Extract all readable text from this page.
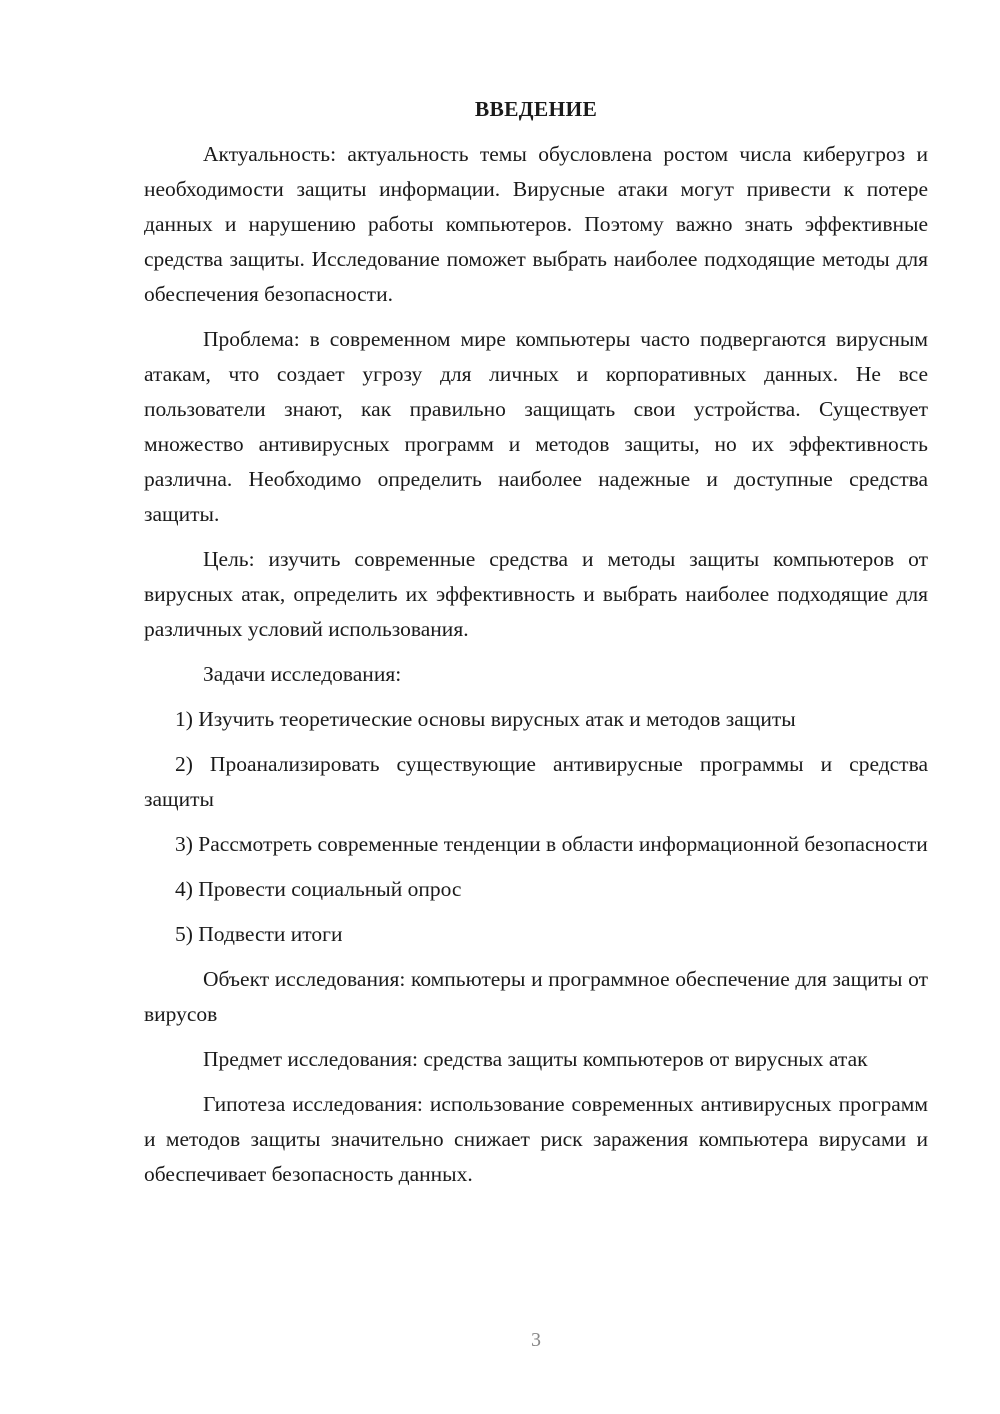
ВВЕДЕНИЕ

Актуальность: актуальность темы обусловлена ростом числа киберугроз и необходимости защиты информации. Вирусные атаки могут привести к потере данных и нарушению работы компьютеров. Поэтому важно знать эффективные средства защиты. Исследование поможет выбрать наиболее подходящие методы для обеспечения безопасности.

Проблема: в современном мире компьютеры часто подвергаются вирусным атакам, что создает угрозу для личных и корпоративных данных. Не все пользователи знают, как правильно защищать свои устройства. Существует множество антивирусных программ и методов защиты, но их эффективность различна. Необходимо определить наиболее надежные и доступные средства защиты.

Цель: изучить современные средства и методы защиты компьютеров от вирусных атак, определить их эффективность и выбрать наиболее подходящие для различных условий использования.

Задачи исследования:

1) Изучить теоретические основы вирусных атак и методов защиты

2) Проанализировать существующие антивирусные программы и средства защиты

3) Рассмотреть современные тенденции в области информационной безопасности

4) Провести социальный опрос

5) Подвести итоги

Объект исследования: компьютеры и программное обеспечение для защиты от вирусов

Предмет исследования: средства защиты компьютеров от вирусных атак

Гипотеза исследования: использование современных антивирусных программ и методов защиты значительно снижает риск заражения компьютера вирусами и обеспечивает безопасность данных.

3
